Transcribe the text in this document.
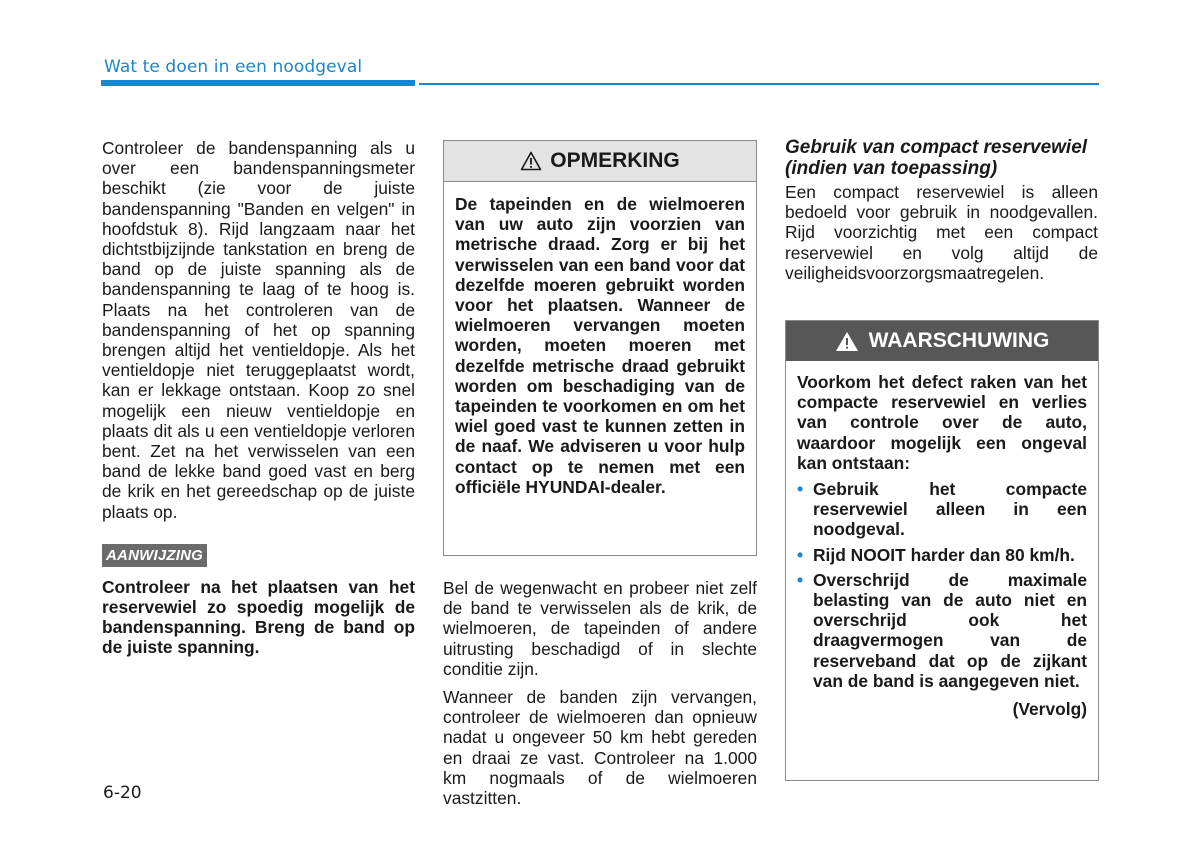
Wat te doen in een noodgeval

Controleer de bandenspanning als u over een bandenspanningsmeter beschikt (zie voor de juiste bandenspanning "Banden en velgen" in hoofdstuk 8). Rijd langzaam naar het dichtstbijzijnde tankstation en breng de band op de juiste spanning als de bandenspanning te laag of te hoog is. Plaats na het controleren van de bandenspanning of het op spanning brengen altijd het ventieldopje. Als het ventieldopje niet teruggeplaatst wordt, kan er lekkage ontstaan. Koop zo snel mogelijk een nieuw ventieldopje en plaats dit als u een ventieldopje verloren bent. Zet na het verwisselen van een band de lekke band goed vast en berg de krik en het gereedschap op de juiste plaats op.

AANWIJZING

Controleer na het plaatsen van het reservewiel zo spoedig mogelijk de bandenspanning. Breng de band op de juiste spanning.

OPMERKING

De tapeinden en de wielmoeren van uw auto zijn voorzien van metrische draad. Zorg er bij het verwisselen van een band voor dat dezelfde moeren gebruikt worden voor het plaatsen. Wanneer de wielmoeren vervangen moeten worden, moeten moeren met dezelfde metrische draad gebruikt worden om beschadiging van de tapeinden te voorkomen en om het wiel goed vast te kunnen zetten in de naaf. We adviseren u voor hulp contact op te nemen met een officiële HYUNDAI-dealer.

Bel de wegenwacht en probeer niet zelf de band te verwisselen als de krik, de wielmoeren, de tapeinden of andere uitrusting beschadigd of in slechte conditie zijn.

Wanneer de banden zijn vervangen, controleer de wielmoeren dan opnieuw nadat u ongeveer 50 km hebt gereden en draai ze vast. Controleer na 1.000 km nogmaals of de wielmoeren vastzitten.

Gebruik van compact reservewiel (indien van toepassing)

Een compact reservewiel is alleen bedoeld voor gebruik in noodgevallen. Rijd voorzichtig met een compact reservewiel en volg altijd de veiligheidsvoorzorgsmaatregelen.

WAARSCHUWING

Voorkom het defect raken van het compacte reservewiel en verlies van controle over de auto, waardoor mogelijk een ongeval kan ontstaan:

• Gebruik het compacte reservewiel alleen in een noodgeval.
• Rijd NOOIT harder dan 80 km/h.
• Overschrijd de maximale belasting van de auto niet en overschrijd ook het draagvermogen van de reserveband dat op de zijkant van de band is aangegeven niet.
(Vervolg)
6-20
